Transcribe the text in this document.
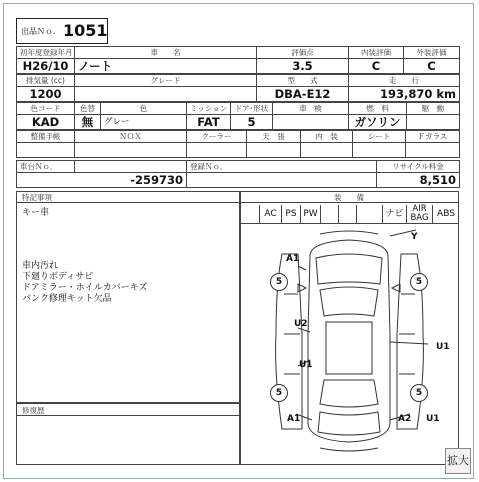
出品Ｎｏ． 1051
初年度登録年月	車　　名	評価点	内装評価	外装評価
H26/10	ノート	3.5	C	C
排気量 (cc)	グレード	型　　式	走　　行
1200		DBA-E12	193,870 km
色コード	色替	色	ミッション	ドア･形状	車　検	燃　料	駆　動
KAD	無	グレー	FAT	5		ガソリン	
整備手帳	ＮＯＸ	クーラー	天　張	内　装	シート	Ｆガラス

車台Ｎｏ．		登録Ｎｏ．	リサイクル料金
-259730			8,510
特記事項
キー車
車内汚れ
下廻りボディサビ
ドアミラー・ホイルカバーキズ
パンク修理キット欠品
修復歴
装　　備
AC PS PW	ナビ	AIR BAG ABS
Y
A1
U2
U1
U1
A1	A2 U1
5	5
5	5
拡大
